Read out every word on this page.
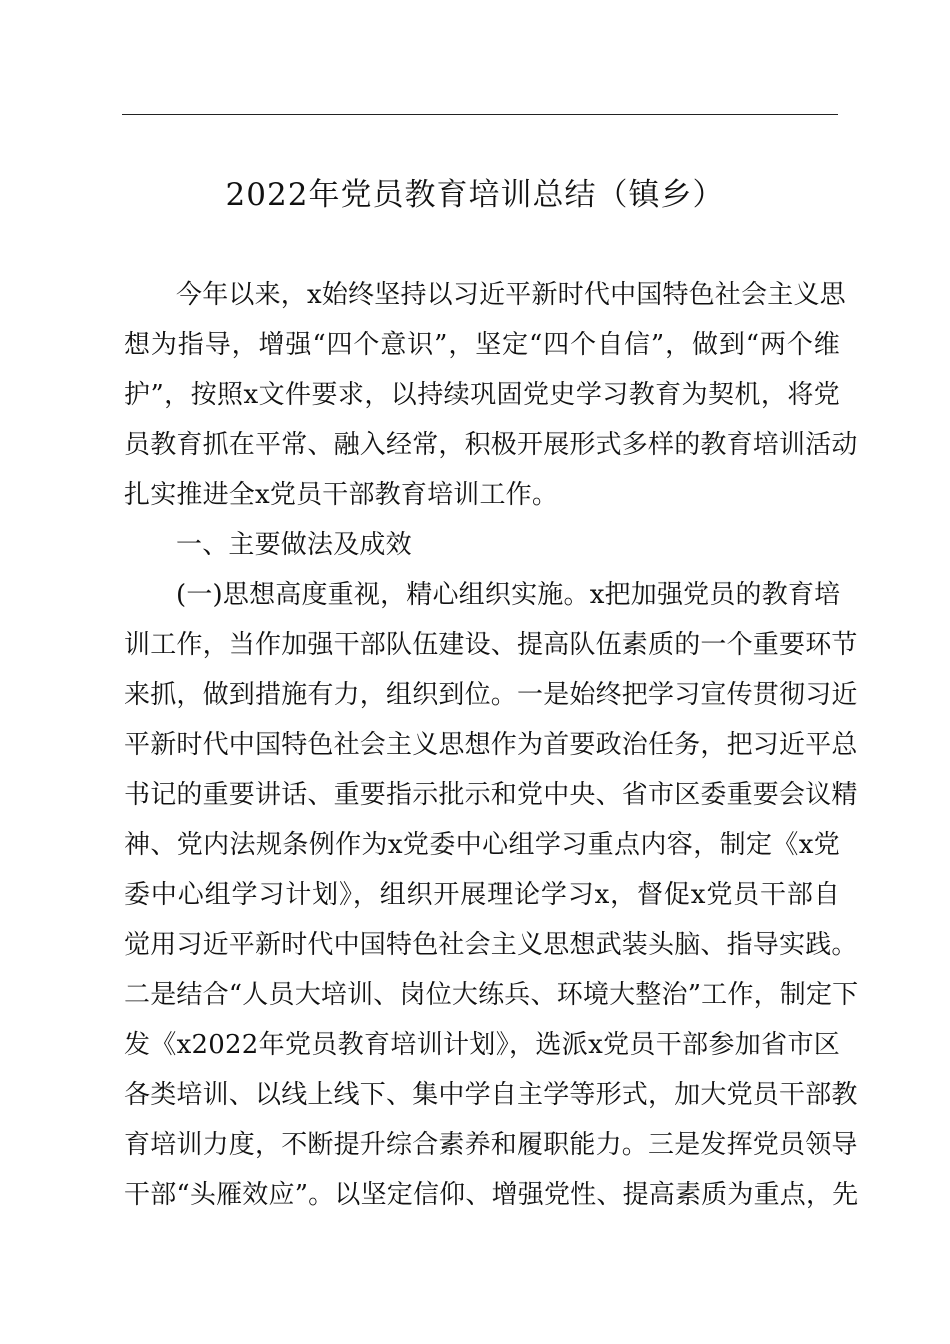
2022年党员教育培训总结（镇乡）
今年以来，x始终坚持以习近平新时代中国特色社会主义思
想为指导，增强“四个意识”，坚定“四个自信”，做到“两个维
护”，按照x文件要求，以持续巩固党史学习教育为契机，将党
员教育抓在平常、融入经常，积极开展形式多样的教育培训活动
扎实推进全x党员干部教育培训工作。
一、主要做法及成效
(一)思想高度重视，精心组织实施。x把加强党员的教育培
训工作，当作加强干部队伍建设、提高队伍素质的一个重要环节
来抓，做到措施有力，组织到位。一是始终把学习宣传贯彻习近
平新时代中国特色社会主义思想作为首要政治任务，把习近平总
书记的重要讲话、重要指示批示和党中央、省市区委重要会议精
神、党内法规条例作为x党委中心组学习重点内容，制定《x党
委中心组学习计划》，组织开展理论学习x，督促x党员干部自
觉用习近平新时代中国特色社会主义思想武装头脑、指导实践。
二是结合“人员大培训、岗位大练兵、环境大整治”工作，制定下
发《x2022年党员教育培训计划》，选派x党员干部参加省市区
各类培训、以线上线下、集中学自主学等形式，加大党员干部教
育培训力度，不断提升综合素养和履职能力。三是发挥党员领导
干部“头雁效应”。以坚定信仰、增强党性、提高素质为重点，先
